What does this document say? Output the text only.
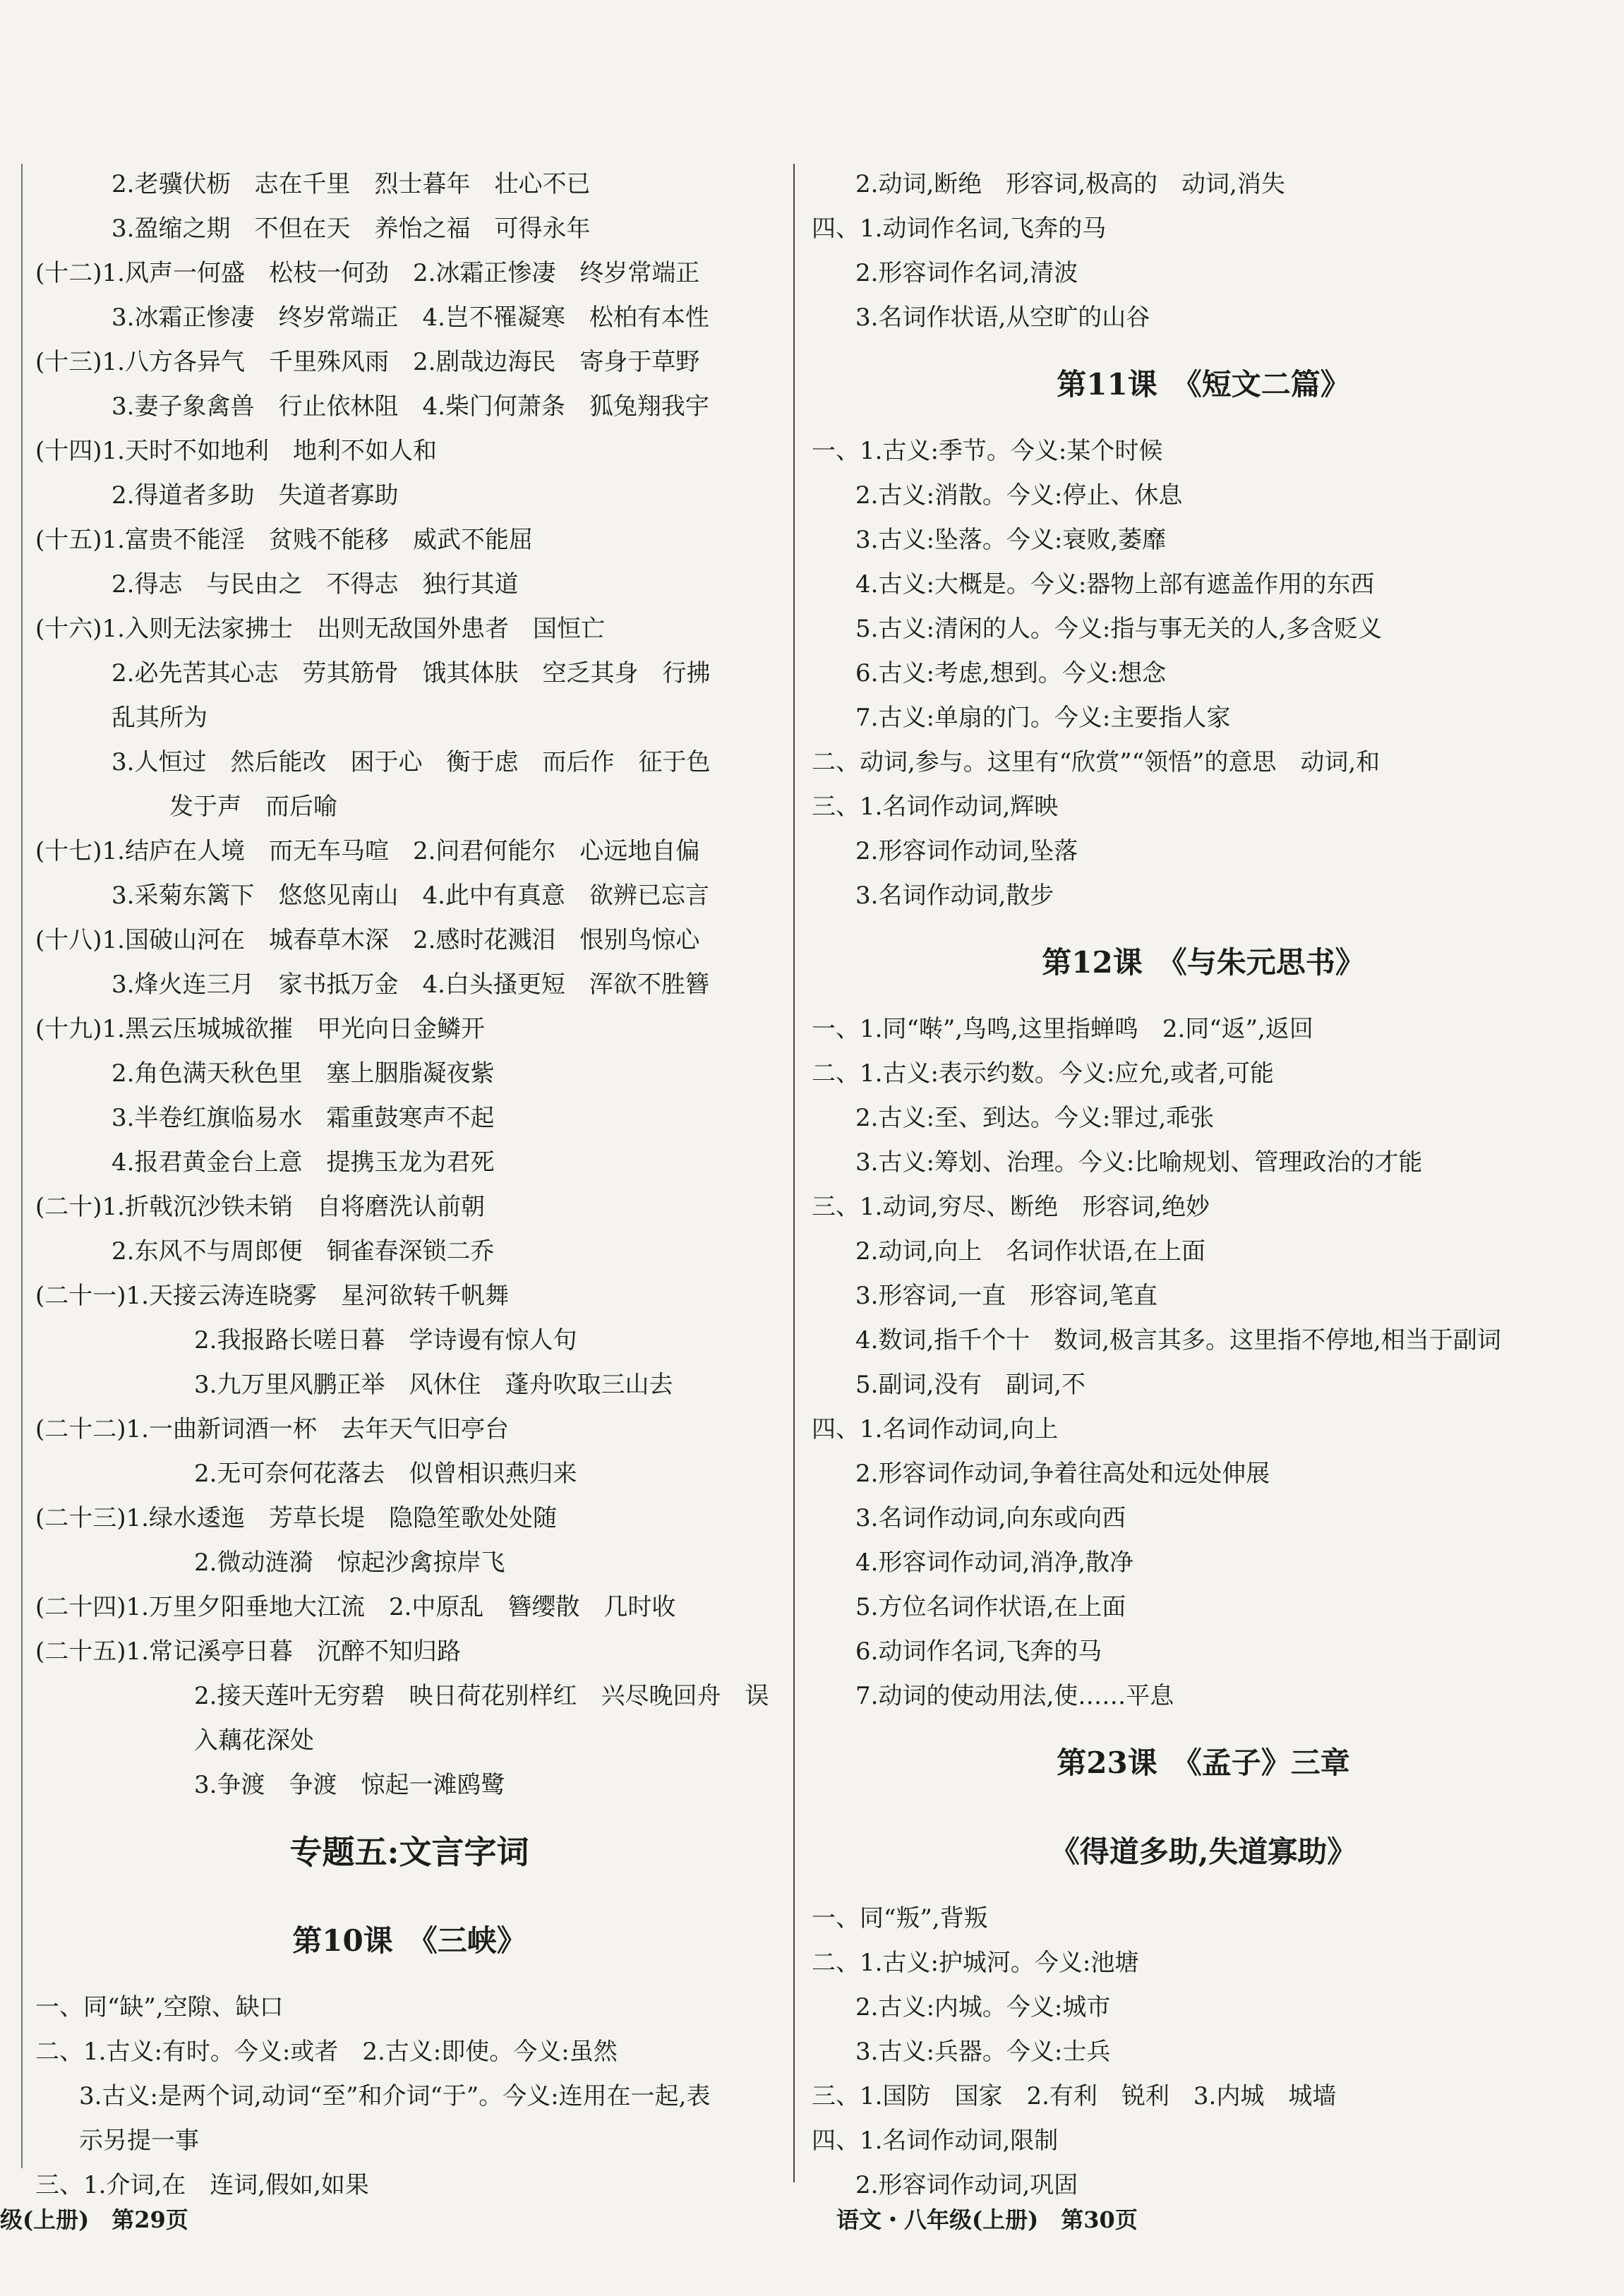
2.老骥伏枥　志在千里　烈士暮年　壮心不已
3.盈缩之期　不但在天　养怡之福　可得永年
(十二)1.风声一何盛　松枝一何劲　2.冰霜正惨凄　终岁常端正
3.冰霜正惨凄　终岁常端正　4.岂不罹凝寒　松柏有本性
(十三)1.八方各异气　千里殊风雨　2.剧哉边海民　寄身于草野
3.妻子象禽兽　行止依林阻　4.柴门何萧条　狐兔翔我宇
(十四)1.天时不如地利　地利不如人和
2.得道者多助　失道者寡助
(十五)1.富贵不能淫　贫贱不能移　威武不能屈
2.得志　与民由之　不得志　独行其道
(十六)1.入则无法家拂士　出则无敌国外患者　国恒亡
2.必先苦其心志　劳其筋骨　饿其体肤　空乏其身　行拂
乱其所为
3.人恒过　然后能改　困于心　衡于虑　而后作　征于色
发于声　而后喻
(十七)1.结庐在人境　而无车马喧　2.问君何能尔　心远地自偏
3.采菊东篱下　悠悠见南山　4.此中有真意　欲辨已忘言
(十八)1.国破山河在　城春草木深　2.感时花溅泪　恨别鸟惊心
3.烽火连三月　家书抵万金　4.白头搔更短　浑欲不胜簪
(十九)1.黑云压城城欲摧　甲光向日金鳞开
2.角色满天秋色里　塞上胭脂凝夜紫
3.半卷红旗临易水　霜重鼓寒声不起
4.报君黄金台上意　提携玉龙为君死
(二十)1.折戟沉沙铁未销　自将磨洗认前朝
2.东风不与周郎便　铜雀春深锁二乔
(二十一)1.天接云涛连晓雾　星河欲转千帆舞
2.我报路长嗟日暮　学诗谩有惊人句
3.九万里风鹏正举　风休住　蓬舟吹取三山去
(二十二)1.一曲新词酒一杯　去年天气旧亭台
2.无可奈何花落去　似曾相识燕归来
(二十三)1.绿水逶迤　芳草长堤　隐隐笙歌处处随
2.微动涟漪　惊起沙禽掠岸飞
(二十四)1.万里夕阳垂地大江流　2.中原乱　簪缨散　几时收
(二十五)1.常记溪亭日暮　沉醉不知归路
2.接天莲叶无穷碧　映日荷花别样红　兴尽晚回舟　误
入藕花深处
3.争渡　争渡　惊起一滩鸥鹭
专题五:文言字词
第10课　《三峡》
一、同“缺”,空隙、缺口
二、1.古义:有时。今义:或者　2.古义:即使。今义:虽然
3.古义:是两个词,动词“至”和介词“于”。今义:连用在一起,表
示另提一事
三、1.介词,在　连词,假如,如果
2.动词,断绝　形容词,极高的　动词,消失
四、1.动词作名词,飞奔的马
2.形容词作名词,清波
3.名词作状语,从空旷的山谷
第11课　《短文二篇》
一、1.古义:季节。今义:某个时候
2.古义:消散。今义:停止、休息
3.古义:坠落。今义:衰败,萎靡
4.古义:大概是。今义:器物上部有遮盖作用的东西
5.古义:清闲的人。今义:指与事无关的人,多含贬义
6.古义:考虑,想到。今义:想念
7.古义:单扇的门。今义:主要指人家
二、动词,参与。这里有“欣赏”“领悟”的意思　动词,和
三、1.名词作动词,辉映
2.形容词作动词,坠落
3.名词作动词,散步
第12课　《与朱元思书》
一、1.同“啭”,鸟鸣,这里指蝉鸣　2.同“返”,返回
二、1.古义:表示约数。今义:应允,或者,可能
2.古义:至、到达。今义:罪过,乖张
3.古义:筹划、治理。今义:比喻规划、管理政治的才能
三、1.动词,穷尽、断绝　形容词,绝妙
2.动词,向上　名词作状语,在上面
3.形容词,一直　形容词,笔直
4.数词,指千个十　数词,极言其多。这里指不停地,相当于副词
5.副词,没有　副词,不
四、1.名词作动词,向上
2.形容词作动词,争着往高处和远处伸展
3.名词作动词,向东或向西
4.形容词作动词,消净,散净
5.方位名词作状语,在上面
6.动词作名词,飞奔的马
7.动词的使动用法,使……平息
第23课　《孟子》三章
《得道多助,失道寡助》
一、同“叛”,背叛
二、1.古义:护城河。今义:池塘
2.古义:内城。今义:城市
3.古义:兵器。今义:士兵
三、1.国防　国家　2.有利　锐利　3.内城　城墙
四、1.名词作动词,限制
2.形容词作动词,巩固
级(上册)　第29页	语文・八年级(上册)　第30页
